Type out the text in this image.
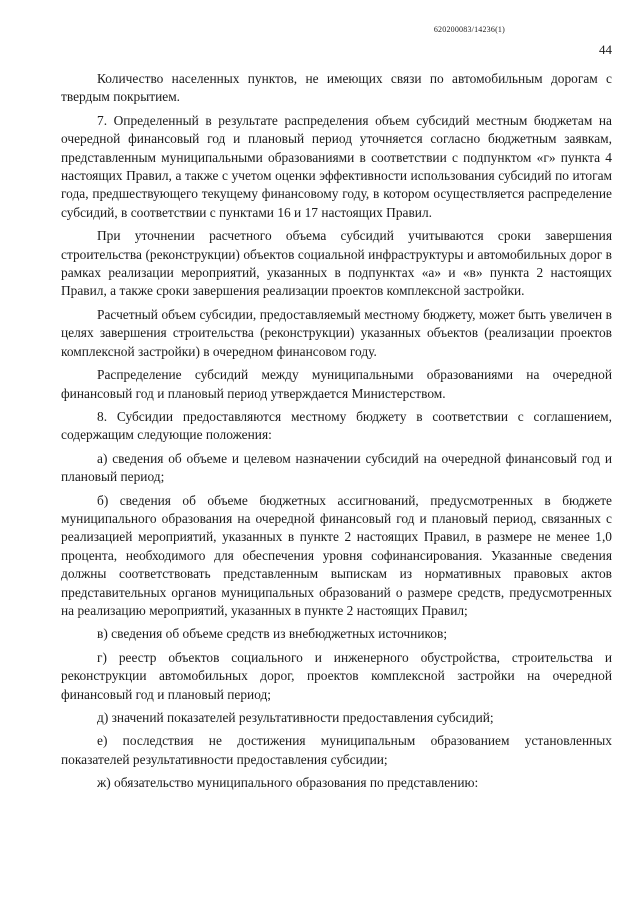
620200083/14236(1)
44

Количество населенных пунктов, не имеющих связи по автомобильным дорогам с твердым покрытием.

7. Определенный в результате распределения объем субсидий местным бюджетам на очередной финансовый год и плановый период уточняется согласно бюджетным заявкам, представленным муниципальными образованиями в соответствии с подпунктом «г» пункта 4 настоящих Правил, а также с учетом оценки эффективности использования субсидий по итогам года, предшествующего текущему финансовому году, в котором осуществляется распределение субсидий, в соответствии с пунктами 16 и 17 настоящих Правил.

При уточнении расчетного объема субсидий учитываются сроки завершения строительства (реконструкции) объектов социальной инфраструктуры и автомобильных дорог в рамках реализации мероприятий, указанных в подпунктах «а» и «в» пункта 2 настоящих Правил, а также сроки завершения реализации проектов комплексной застройки.

Расчетный объем субсидии, предоставляемый местному бюджету, может быть увеличен в целях завершения строительства (реконструкции) указанных объектов (реализации проектов комплексной застройки) в очередном финансовом году.

Распределение субсидий между муниципальными образованиями на очередной финансовый год и плановый период утверждается Министерством.

8. Субсидии предоставляются местному бюджету в соответствии с соглашением, содержащим следующие положения:

а) сведения об объеме и целевом назначении субсидий на очередной финансовый год и плановый период;

б) сведения об объеме бюджетных ассигнований, предусмотренных в бюджете муниципального образования на очередной финансовый год и плановый период, связанных с реализацией мероприятий, указанных в пункте 2 настоящих Правил, в размере не менее 1,0 процента, необходимого для обеспечения уровня софинансирования. Указанные сведения должны соответствовать представленным выпискам из нормативных правовых актов представительных органов муниципальных образований о размере средств, предусмотренных на реализацию мероприятий, указанных в пункте 2 настоящих Правил;

в) сведения об объеме средств из внебюджетных источников;

г) реестр объектов социального и инженерного обустройства, строительства и реконструкции автомобильных дорог, проектов комплексной застройки на очередной финансовый год и плановый период;

д) значений показателей результативности предоставления субсидий;

е) последствия не достижения муниципальным образованием установленных показателей результативности предоставления субсидии;

ж) обязательство муниципального образования по представлению:
